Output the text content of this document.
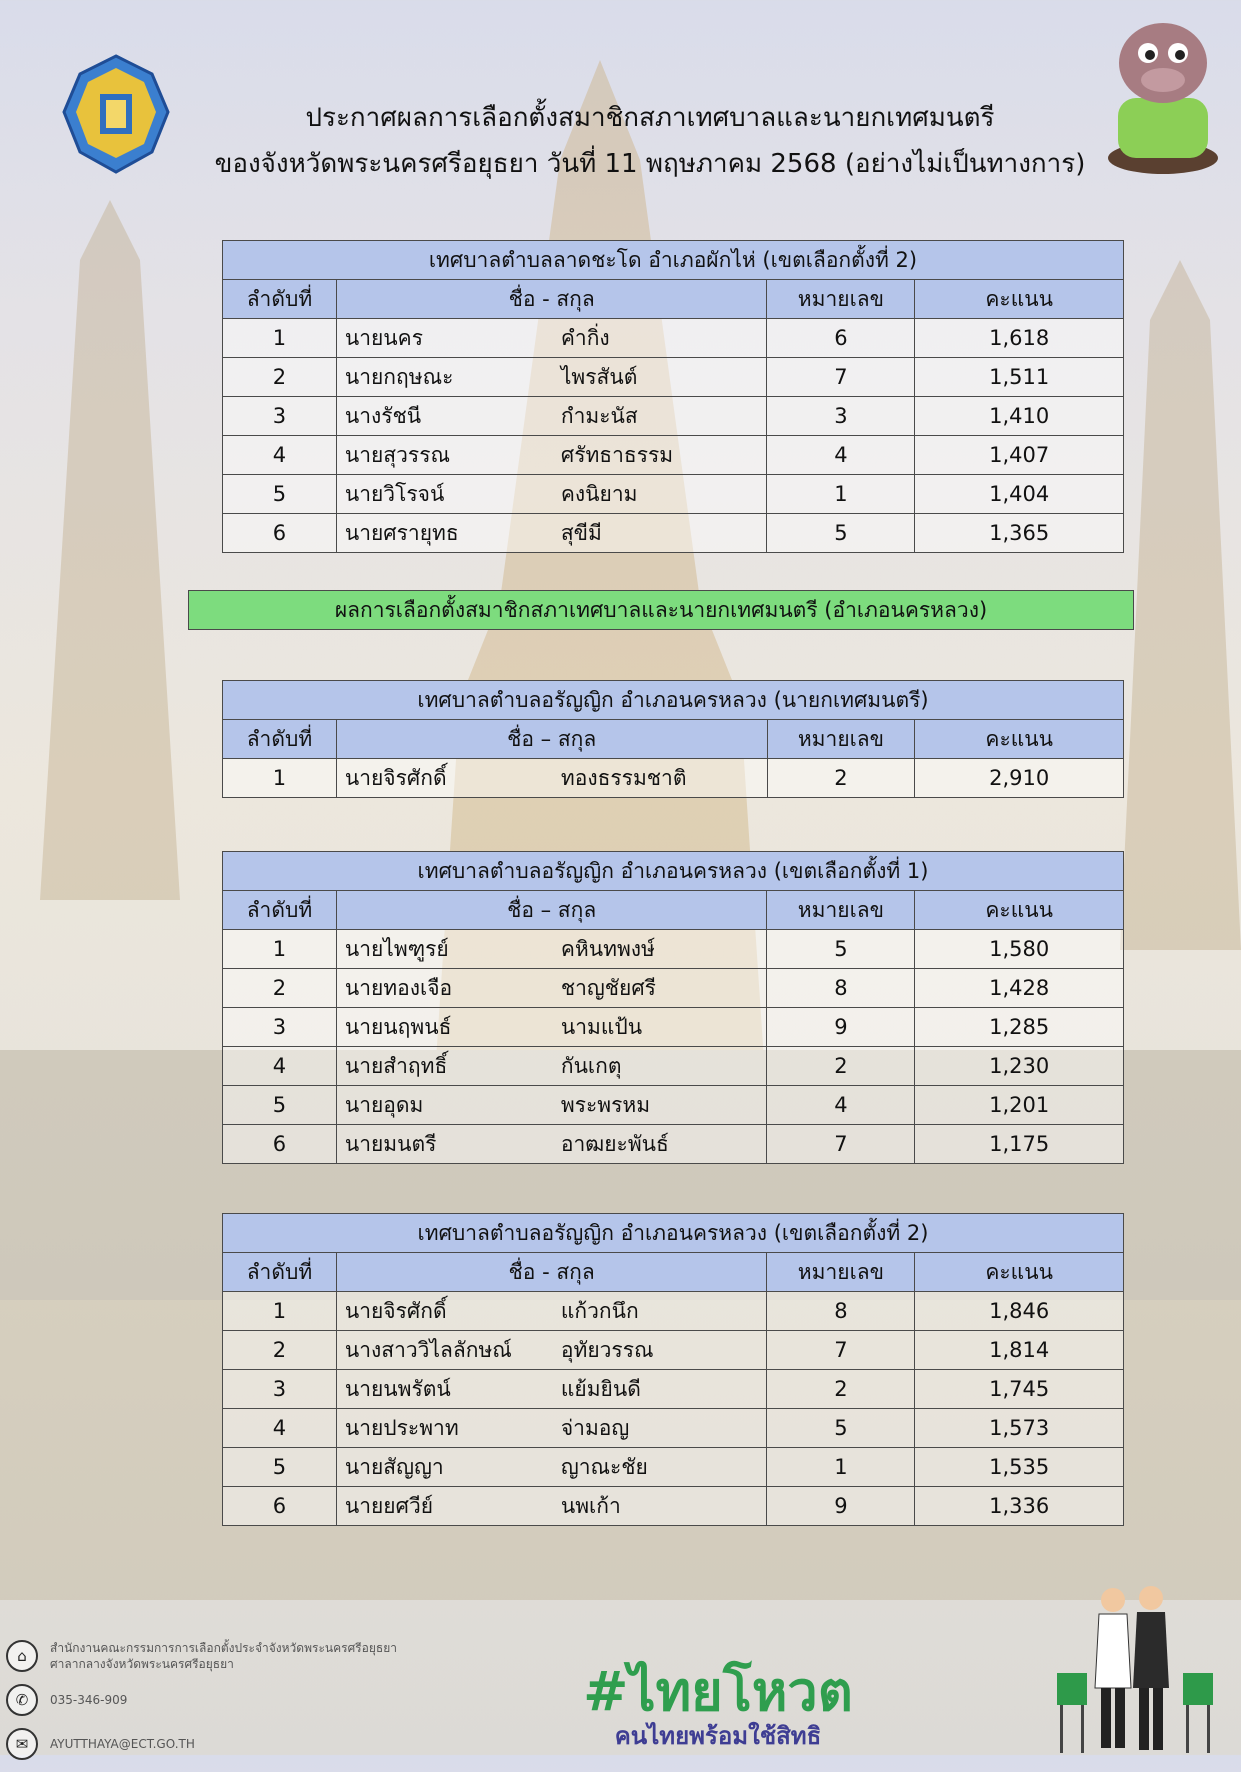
ประกาศผลการเลือกตั้งสมาชิกสภาเทศบาลและนายกเทศมนตรี
ของจังหวัดพระนครศรีอยุธยา วันที่ 11 พฤษภาคม 2568 (อย่างไม่เป็นทางการ)
เทศบาลตำบลลาดชะโด อำเภอผักไห่ (เขตเลือกตั้งที่ 2)			
ลำดับที่	ชื่อ - สกุล	หมายเลข	คะแนน
1	นายนคร คำกิ่ง	6	1,618
2	นายกฤษณะ ไพรสันต์	7	1,511
3	นางรัชนี กำมะนัส	3	1,410
4	นายสุวรรณ ศรัทธาธรรม	4	1,407
5	นายวิโรจน์ คงนิยาม	1	1,404
6	นายศรายุทธ สุขีมี	5	1,365
ผลการเลือกตั้งสมาชิกสภาเทศบาลและนายกเทศมนตรี (อำเภอนครหลวง)
เทศบาลตำบลอรัญญิก อำเภอนครหลวง (นายกเทศมนตรี)			
ลำดับที่	ชื่อ – สกุล	หมายเลข	คะแนน
1	นายจิรศักดิ์ ทองธรรมชาติ	2	2,910
เทศบาลตำบลอรัญญิก อำเภอนครหลวง (เขตเลือกตั้งที่ 1)			
ลำดับที่	ชื่อ – สกุล	หมายเลข	คะแนน
1	นายไพฑูรย์ คหินทพงษ์	5	1,580
2	นายทองเจือ ชาญชัยศรี	8	1,428
3	นายนฤพนธ์ นามแป้น	9	1,285
4	นายสำฤทธิ์ กันเกตุ	2	1,230
5	นายอุดม พระพรหม	4	1,201
6	นายมนตรี อาฒยะพันธ์	7	1,175
เทศบาลตำบลอรัญญิก อำเภอนครหลวง (เขตเลือกตั้งที่ 2)			
ลำดับที่	ชื่อ - สกุล	หมายเลข	คะแนน
1	นายจิรศักดิ์ แก้วกนึก	8	1,846
2	นางสาววิไลลักษณ์ อุทัยวรรณ	7	1,814
3	นายนพรัตน์ แย้มยินดี	2	1,745
4	นายประพาท จ่ามอญ	5	1,573
5	นายสัญญา ญาณะชัย	1	1,535
6	นายยศวีย์ นพเก้า	9	1,336
⌂	สำนักงานคณะกรรมการการเลือกตั้งประจำจังหวัดพระนครศรีอยุธยา
ศาลากลางจังหวัดพระนครศรีอยุธยา
✆	035-346-909
✉	AYUTTHAYA@ECT.GO.TH
#ไทยโหวต
คนไทยพร้อมใช้สิทธิ
